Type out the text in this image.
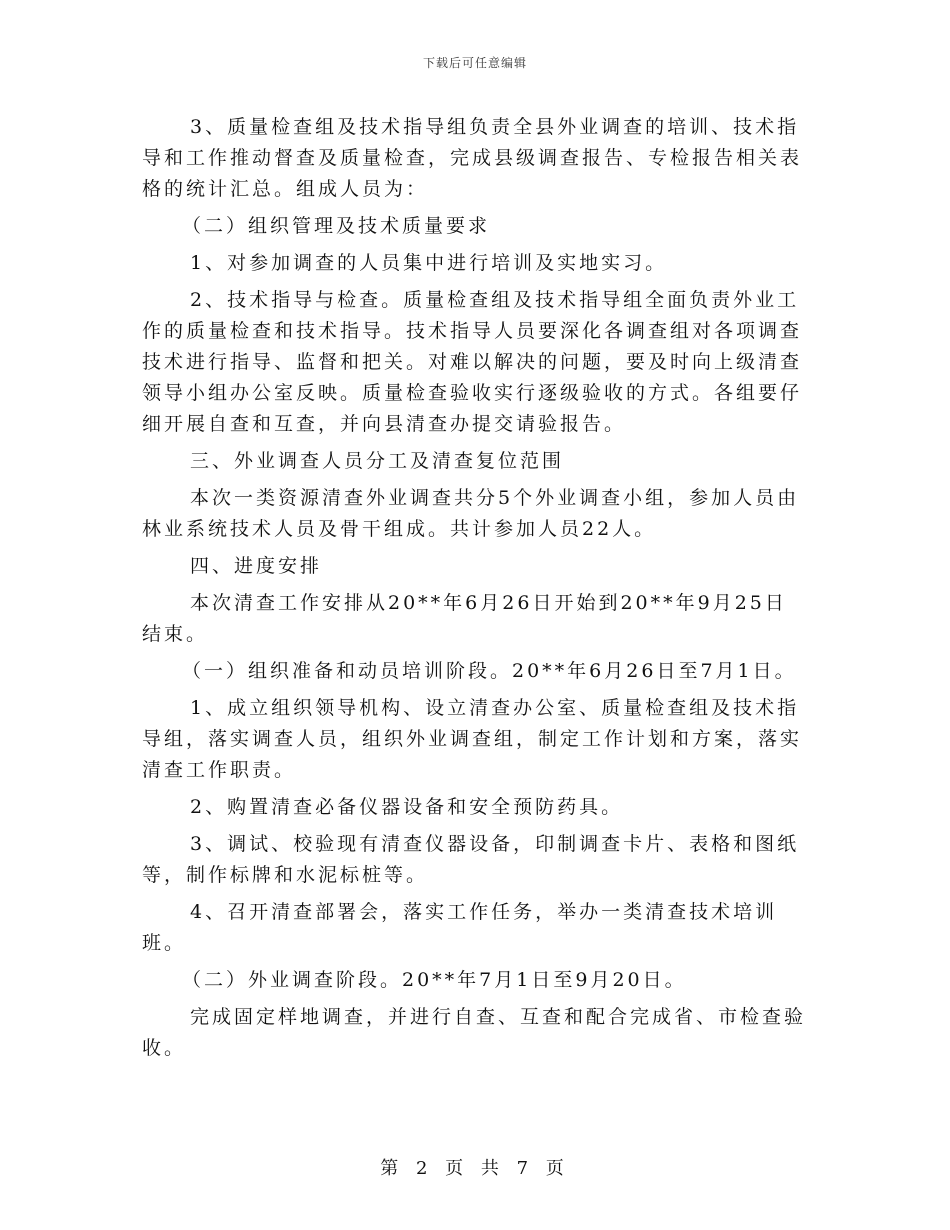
下载后可任意编辑

3、质量检查组及技术指导组负责全县外业调查的培训、技术指导和工作推动督查及质量检查，完成县级调查报告、专检报告相关表格的统计汇总。组成人员为：

（二）组织管理及技术质量要求

1、对参加调查的人员集中进行培训及实地实习。

2、技术指导与检查。质量检查组及技术指导组全面负责外业工作的质量检查和技术指导。技术指导人员要深化各调查组对各项调查技术进行指导、监督和把关。对难以解决的问题，要及时向上级清查领导小组办公室反映。质量检查验收实行逐级验收的方式。各组要仔细开展自查和互查，并向县清查办提交请验报告。

三、外业调查人员分工及清查复位范围

本次一类资源清查外业调查共分5个外业调查小组，参加人员由林业系统技术人员及骨干组成。共计参加人员22人。

四、进度安排

本次清查工作安排从20**年6月26日开始到20**年9月25日结束。

（一）组织准备和动员培训阶段。20**年6月26日至7月1日。

1、成立组织领导机构、设立清查办公室、质量检查组及技术指导组，落实调查人员，组织外业调查组，制定工作计划和方案，落实清查工作职责。

2、购置清查必备仪器设备和安全预防药具。

3、调试、校验现有清查仪器设备，印制调查卡片、表格和图纸等，制作标牌和水泥标桩等。

4、召开清查部署会，落实工作任务，举办一类清查技术培训班。

（二）外业调查阶段。20**年7月1日至9月20日。

完成固定样地调查，并进行自查、互查和配合完成省、市检查验收。

第 2 页 共 7 页
